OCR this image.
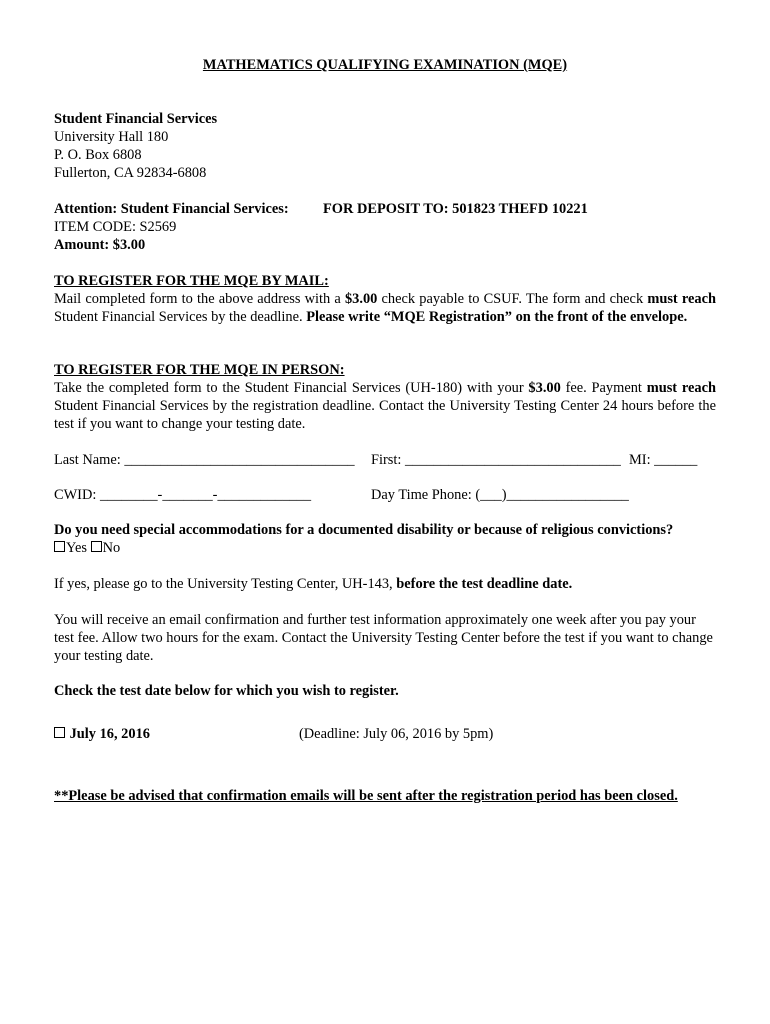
MATHEMATICS QUALIFYING EXAMINATION (MQE)
Student Financial Services
University Hall 180
P. O. Box 6808
Fullerton, CA 92834-6808
Attention: Student Financial Services: FOR DEPOSIT TO: 501823 THEFD 10221
ITEM CODE: S2569
Amount: $3.00
TO REGISTER FOR THE MQE BY MAIL:
Mail completed form to the above address with a $3.00 check payable to CSUF. The form and check must reach Student Financial Services by the deadline. Please write “MQE Registration” on the front of the envelope.
TO REGISTER FOR THE MQE IN PERSON:
Take the completed form to the Student Financial Services (UH-180) with your $3.00 fee. Payment must reach Student Financial Services by the registration deadline. Contact the University Testing Center 24 hours before the test if you want to change your testing date.
Last Name: ________________________________ First: ______________________________ MI: ______
CWID: ________-_______-_____________	Day Time Phone: (___)_________________
Do you need special accommodations for a documented disability or because of religious convictions?
Yes No
If yes, please go to the University Testing Center, UH-143, before the test deadline date.
You will receive an email confirmation and further test information approximately one week after you pay your test fee. Allow two hours for the exam. Contact the University Testing Center before the test if you want to change your testing date.
Check the test date below for which you wish to register.
July 16, 2016	(Deadline: July 06, 2016 by 5pm)
**Please be advised that confirmation emails will be sent after the registration period has been closed.
